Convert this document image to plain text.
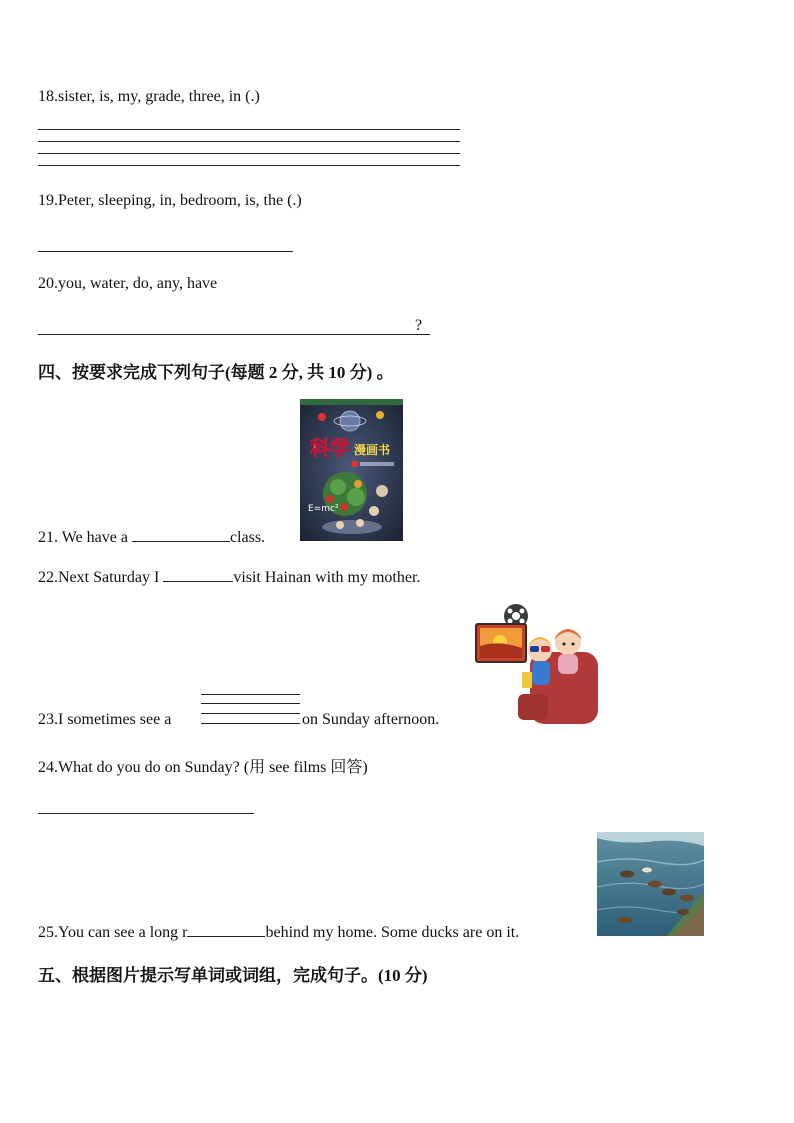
18.sister, is, my, grade, three, in (.)
19.Peter, sleeping, in, bedroom, is, the (.)
20.you, water, do, any, have
?
四、按要求完成下列句子(每题 2 分, 共 10 分) 。
科学 漫画书
E=mc²
21. We have a	class.
22.Next Saturday I	visit Hainan with my mother.
23.I sometimes see a	on Sunday afternoon.
24.What do you do on Sunday? (用 see films 回答)
25.You can see a long r	behind my home. Some ducks are on it.
五、根据图片提示写单词或词组，完成句子。(10 分)
